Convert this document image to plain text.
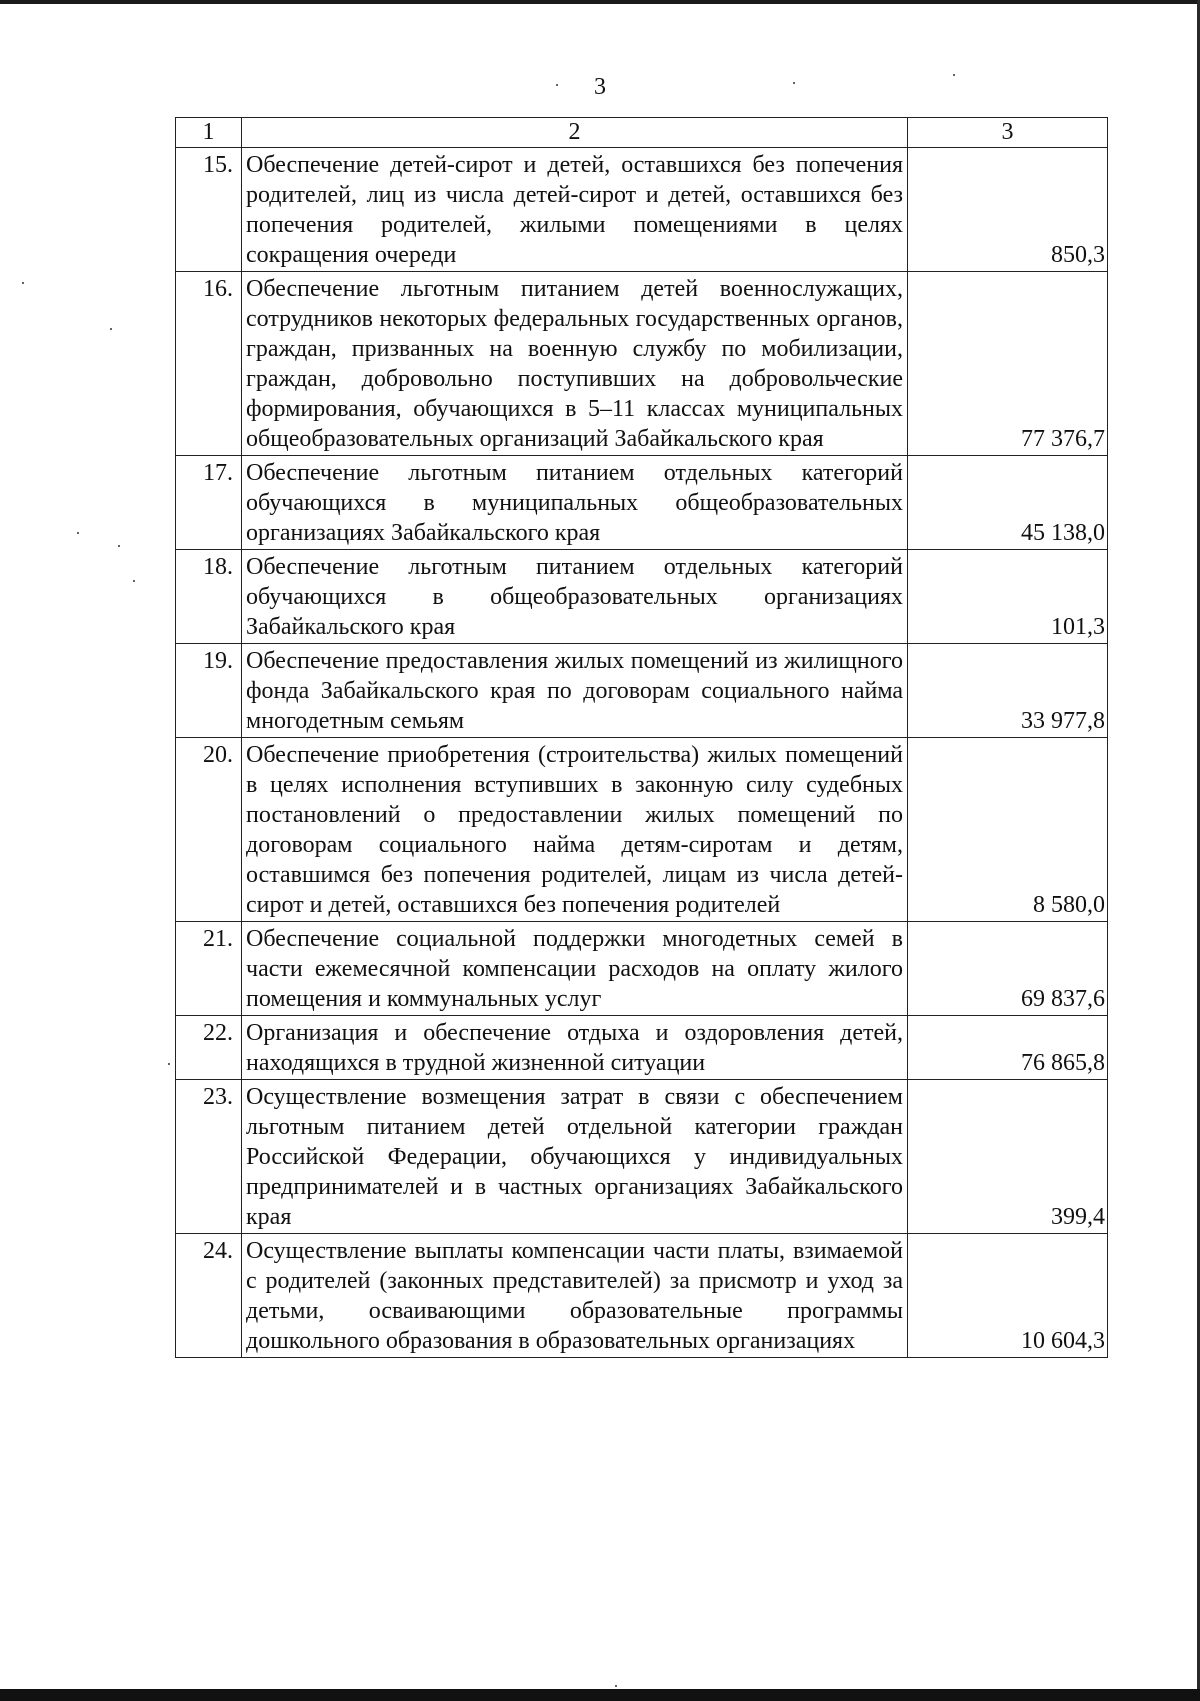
3
1	2	3
15.	Обеспечение детей-сирот и детей, оставшихся без попечения родителей, лиц из числа детей-сирот и детей, оставшихся без попечения родителей, жилыми помещениями в целях сокращения очереди	850,3
16.	Обеспечение льготным питанием детей военнослужащих, сотрудников некоторых федеральных государственных органов, граждан, призванных на военную службу по мобилизации, граждан, добровольно поступивших на добровольческие формирования, обучающихся в 5–11 классах муниципальных общеобразовательных организаций Забайкальского края	77 376,7
17.	Обеспечение льготным питанием отдельных категорий обучающихся в муниципальных общеобразовательных организациях Забайкальского края	45 138,0
18.	Обеспечение льготным питанием отдельных категорий обучающихся в общеобразовательных организациях Забайкальского края	101,3
19.	Обеспечение предоставления жилых помещений из жилищного фонда Забайкальского края по договорам социального найма многодетным семьям	33 977,8
20.	Обеспечение приобретения (строительства) жилых помещений в целях исполнения вступивших в законную силу судебных постановлений о предоставлении жилых помещений по договорам социального найма детям-сиротам и детям, оставшимся без попечения родителей, лицам из числа детей-сирот и детей, оставшихся без попечения родителей	8 580,0
21.	Обеспечение социальной поддержки многодетных семей в части ежемесячной компенсации расходов на оплату жилого помещения и коммунальных услуг	69 837,6
22.	Организация и обеспечение отдыха и оздоровления детей, находящихся в трудной жизненной ситуации	76 865,8
23.	Осуществление возмещения затрат в связи с обеспечением льготным питанием детей отдельной категории граждан Российской Федерации, обучающихся у индивидуальных предпринимателей и в частных организациях Забайкальского края	399,4
24.	Осуществление выплаты компенсации части платы, взимаемой с родителей (законных представителей) за присмотр и уход за детьми, осваивающими образовательные программы дошкольного образования в образовательных организациях	10 604,3
